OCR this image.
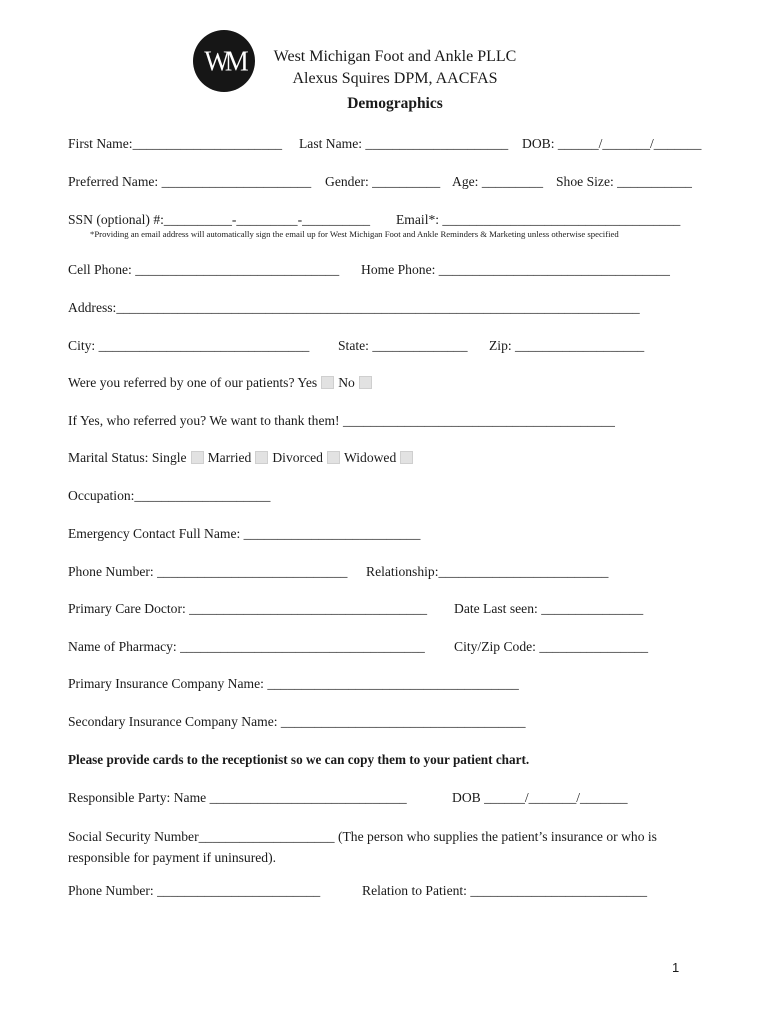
WM	West Michigan Foot and Ankle PLLC
Alexus Squires DPM, AACFAS
Demographics
First Name:______________________ Last Name: _____________________ DOB: ______/_______/_______
Preferred Name: ______________________ Gender: __________ Age: _________ Shoe Size: ___________
SSN (optional) #:__________-_________-__________ Email*: ___________________________________
*Providing an email address will automatically sign the email up for West Michigan Foot and Ankle Reminders & Marketing unless otherwise specified
Cell Phone: ______________________________ Home Phone: __________________________________
Address:_____________________________________________________________________________
City: _______________________________ State: ______________ Zip: ___________________
Were you referred by one of our patients? Yes No
If Yes, who referred you? We want to thank them! ________________________________________
Marital Status: Single Married Divorced Widowed
Occupation:____________________
Emergency Contact Full Name: __________________________
Phone Number: ____________________________ Relationship:_________________________
Primary Care Doctor: ___________________________________ Date Last seen: _______________
Name of Pharmacy: ____________________________________ City/Zip Code: ________________
Primary Insurance Company Name: _____________________________________
Secondary Insurance Company Name: ____________________________________
Please provide cards to the receptionist so we can copy them to your patient chart.
Responsible Party: Name _____________________________	DOB ______/_______/_______
Social Security Number____________________ (The person who supplies the patient’s insurance or who is responsible for payment if uninsured).
Phone Number: ________________________	Relation to Patient: __________________________
1
